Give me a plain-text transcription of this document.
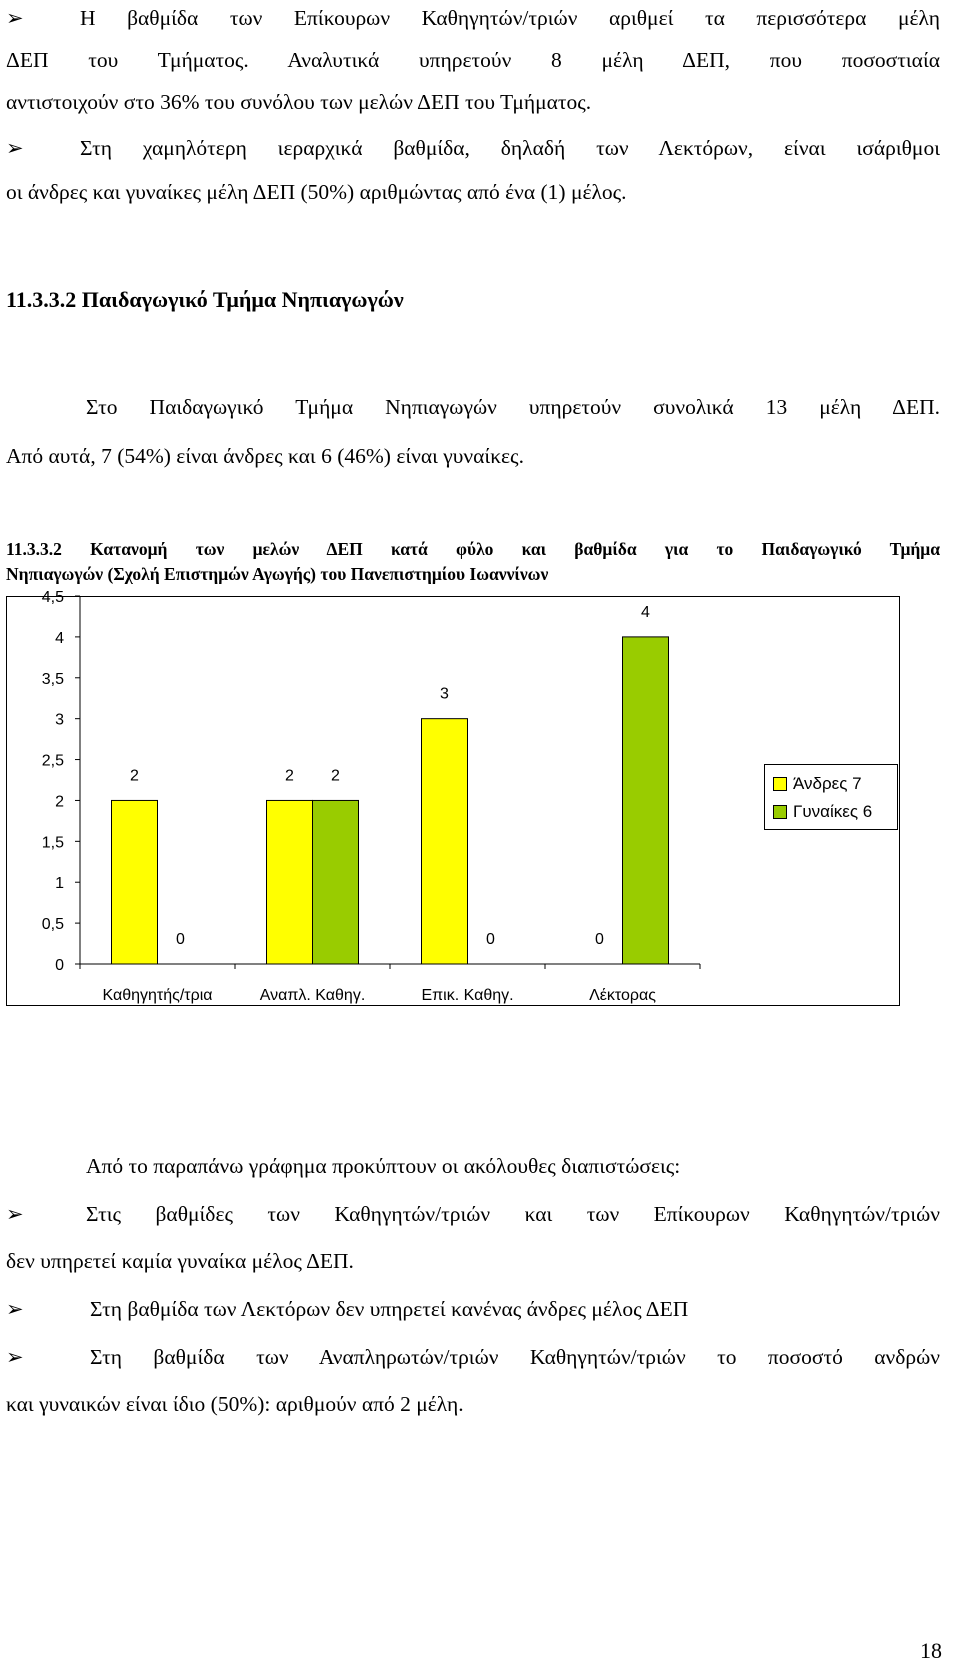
➢	Η βαθμίδα των Επίκουρων Καθηγητών/τριών αριθμεί τα περισσότερα μέλη
ΔΕΠ του Τμήματος. Αναλυτικά υπηρετούν 8 μέλη ΔΕΠ, που ποσοστιαία
αντιστοιχούν στο 36% του συνόλου των μελών ΔΕΠ του Τμήματος.
➢	Στη χαμηλότερη ιεραρχικά βαθμίδα, δηλαδή των Λεκτόρων, είναι ισάριθμοι
οι άνδρες και γυναίκες μέλη ΔΕΠ (50%) αριθμώντας από ένα (1) μέλος.
11.3.3.2 Παιδαγωγικό Τμήμα Νηπιαγωγών
Στο Παιδαγωγικό Τμήμα Νηπιαγωγών υπηρετούν συνολικά 13 μέλη ΔΕΠ.
Από αυτά, 7 (54%) είναι άνδρες και 6 (46%) είναι γυναίκες.
11.3.3.2 Κατανομή των μελών ΔΕΠ κατά φύλο και βαθμίδα για το Παιδαγωγικό Τμήμα
Νηπιαγωγών (Σχολή Επιστημών Αγωγής) του Πανεπιστημίου Ιωαννίνων
0
0,5
1
1,5
2
2,5
3
3,5
4
4,5
Καθηγητής/τρια
2
0
Αναπλ. Καθηγ.
2 2
Επικ. Καθηγ.
3
0
Λέκτορας
0
4
Άνδρες 7
Γυναίκες 6
Από το παραπάνω γράφημα προκύπτουν οι ακόλουθες διαπιστώσεις:
➢	Στις βαθμίδες των Καθηγητών/τριών και των Επίκουρων Καθηγητών/τριών
δεν υπηρετεί καμία γυναίκα μέλος ΔΕΠ.
➢	Στη βαθμίδα των Λεκτόρων δεν υπηρετεί κανένας άνδρες μέλος ΔΕΠ
➢	Στη βαθμίδα των Αναπληρωτών/τριών Καθηγητών/τριών το ποσοστό ανδρών
και γυναικών είναι ίδιο (50%): αριθμούν από 2 μέλη.
18
